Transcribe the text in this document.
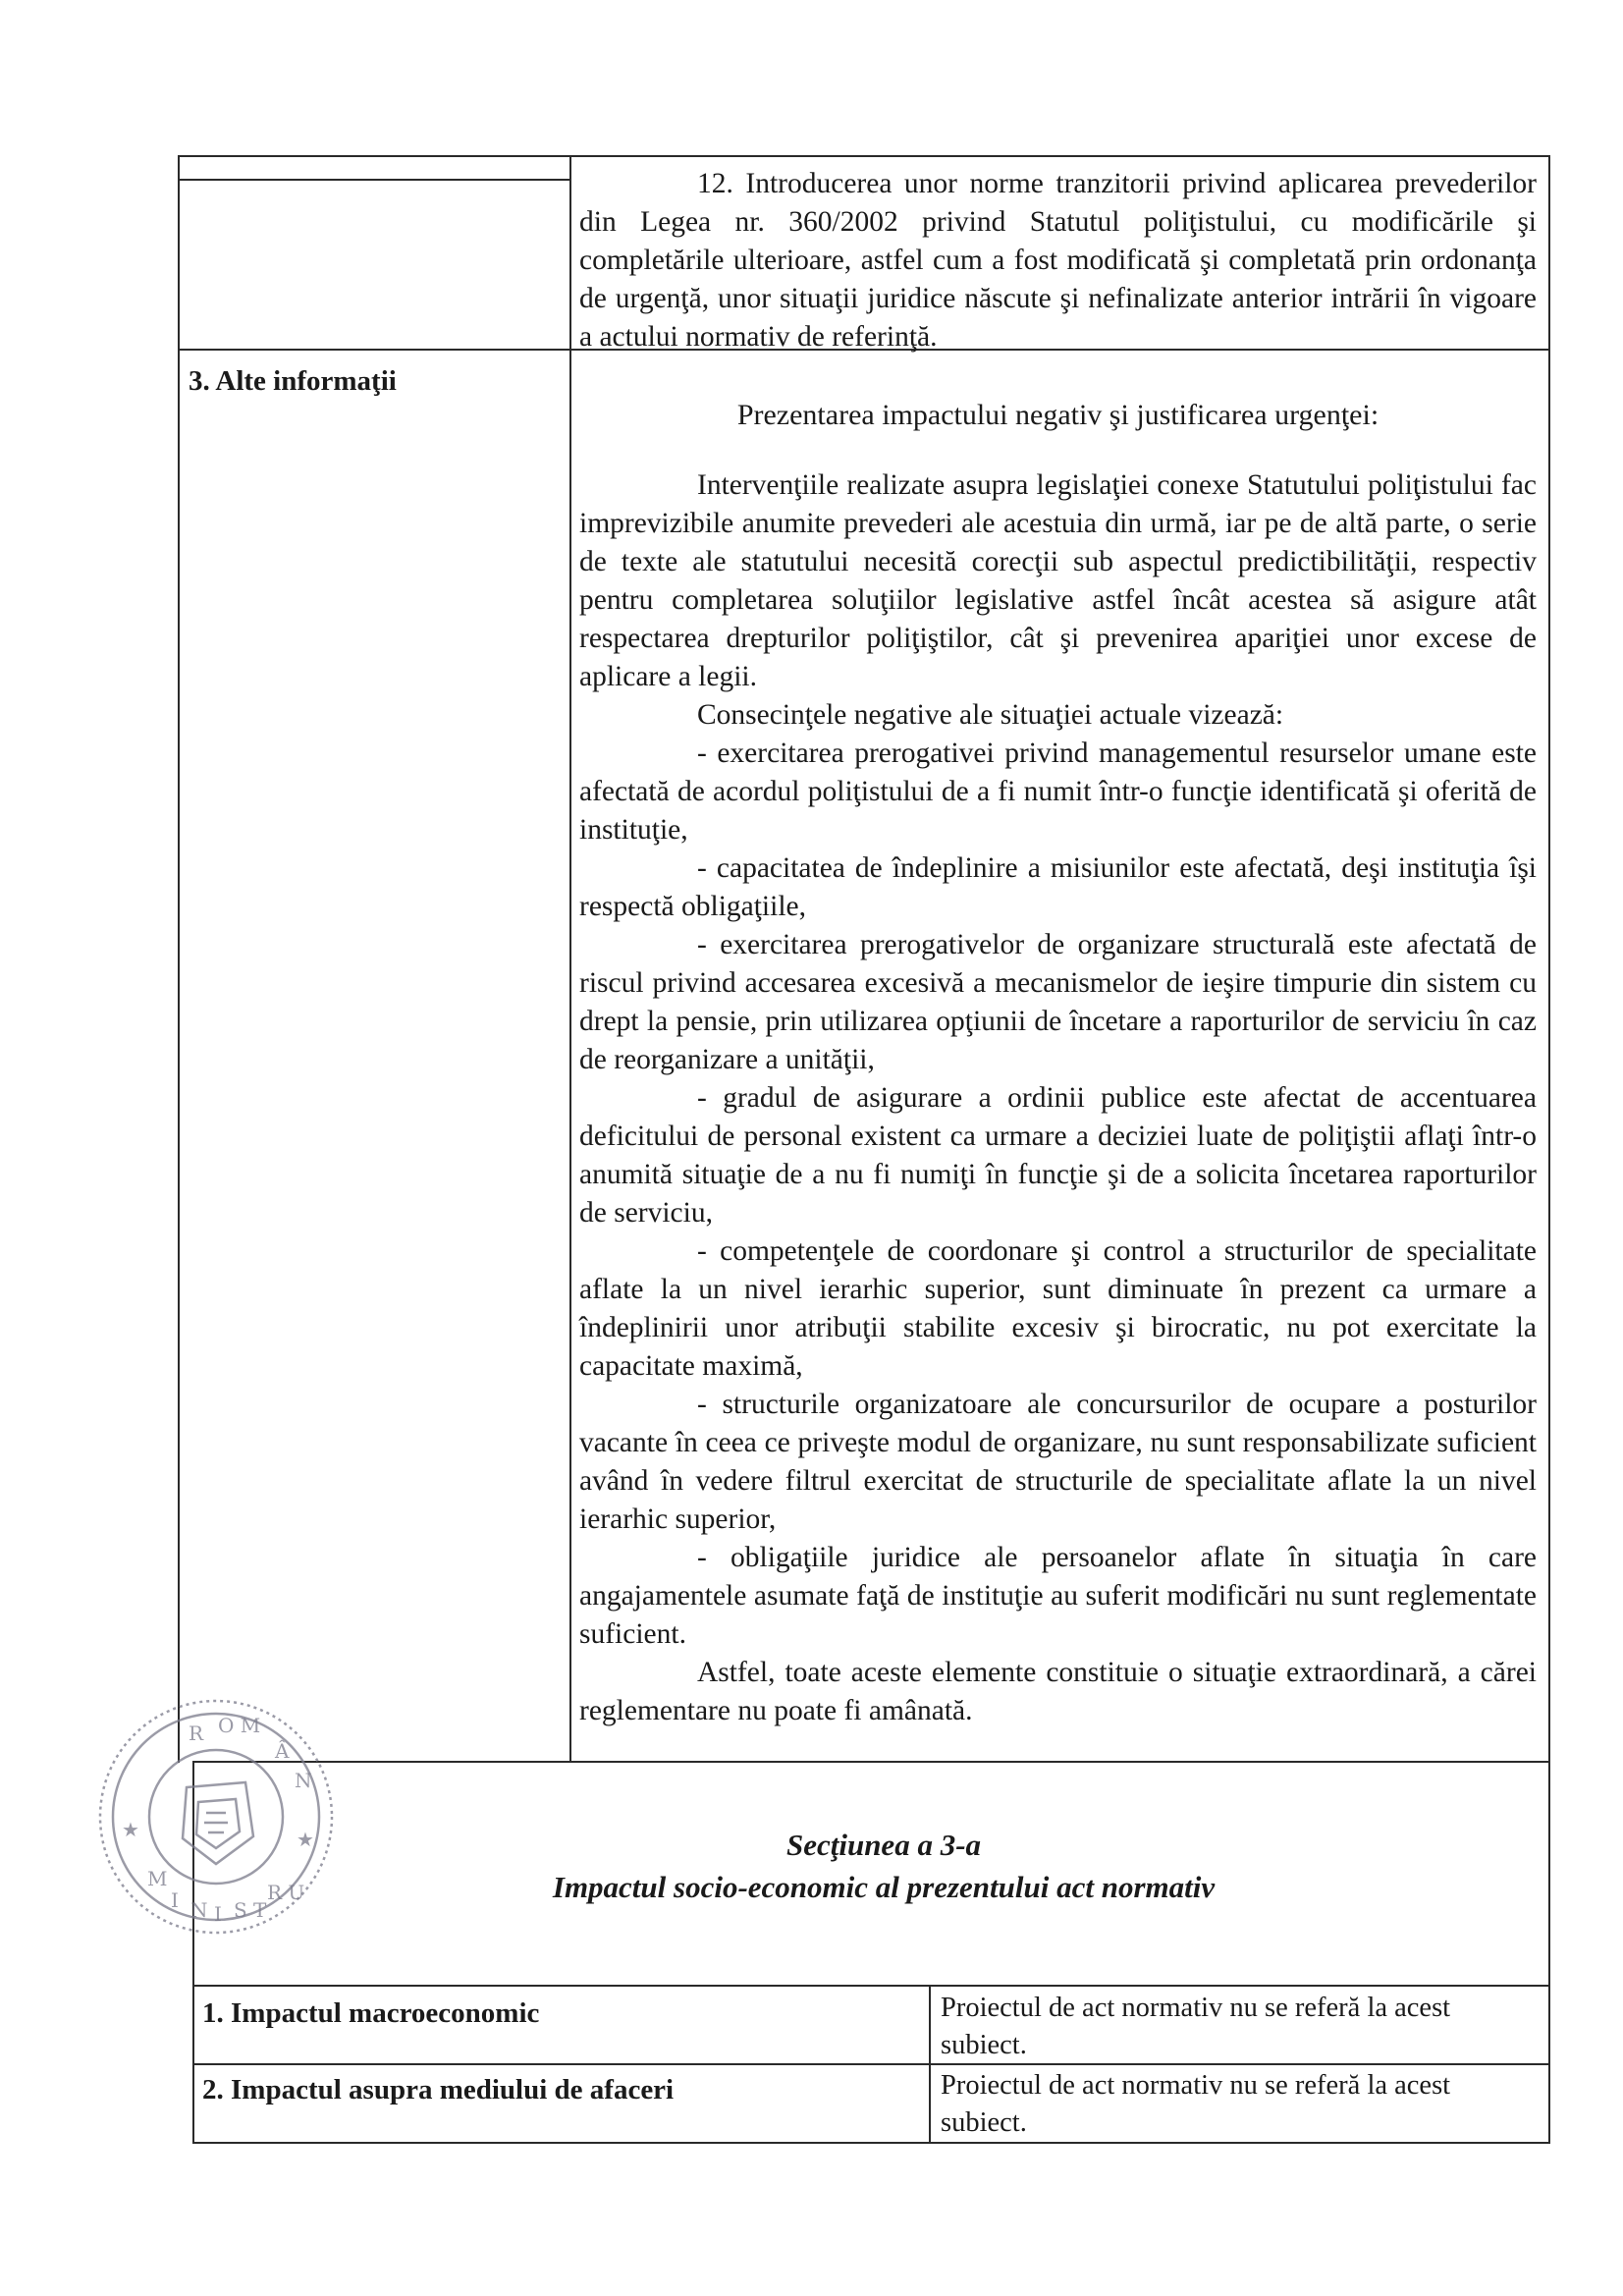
12. Introducerea unor norme tranzitorii privind aplicarea prevederilor din Legea nr. 360/2002 privind Statutul poliţistului, cu modificările şi completările ulterioare, astfel cum a fost modificată şi completată prin ordonanţa de urgenţă, unor situaţii juridice născute şi nefinalizate anterior intrării în vigoare a actului normativ de referinţă.
3. Alte informaţii
Prezentarea impactului negativ şi justificarea urgenţei:

Intervenţiile realizate asupra legislaţiei conexe Statutului poliţistului fac imprevizibile anumite prevederi ale acestuia din urmă, iar pe de altă parte, o serie de texte ale statutului necesită corecţii sub aspectul predictibilităţii, respectiv pentru completarea soluţiilor legislative astfel încât acestea să asigure atât respectarea drepturilor poliţiştilor, cât şi prevenirea apariţiei unor excese de aplicare a legii.

Consecinţele negative ale situaţiei actuale vizează:

- exercitarea prerogativei privind managementul resurselor umane este afectată de acordul poliţistului de a fi numit într-o funcţie identificată şi oferită de instituţie,

- capacitatea de îndeplinire a misiunilor este afectată, deşi instituţia îşi respectă obligaţiile,

- exercitarea prerogativelor de organizare structurală este afectată de riscul privind accesarea excesivă a mecanismelor de ieşire timpurie din sistem cu drept la pensie, prin utilizarea opţiunii de încetare a raporturilor de serviciu în caz de reorganizare a unităţii,

- gradul de asigurare a ordinii publice este afectat de accentuarea deficitului de personal existent ca urmare a deciziei luate de poliţiştii aflaţi într-o anumită situaţie de a nu fi numiţi în funcţie şi de a solicita încetarea raporturilor de serviciu,

- competenţele de coordonare şi control a structurilor de specialitate aflate la un nivel ierarhic superior, sunt diminuate în prezent ca urmare a îndeplinirii unor atribuţii stabilite excesiv şi birocratic, nu pot exercitate la capacitate maximă,

- structurile organizatoare ale concursurilor de ocupare a posturilor vacante în ceea ce priveşte modul de organizare, nu sunt responsabilizate suficient având în vedere filtrul exercitat de structurile de specialitate aflate la un nivel ierarhic superior,

- obligaţiile juridice ale persoanelor aflate în situaţia în care angajamentele asumate faţă de instituţie au suferit modificări nu sunt reglementate suficient.

Astfel, toate aceste elemente constituie o situaţie extraordinară, a cărei reglementare nu poate fi amânată.

Secţiunea a 3-a
Impactul socio-economic al prezentului act normativ
1. Impactul macroeconomic	Proiectul de act normativ nu se referă la acest subiect.
2. Impactul asupra mediului de afaceri	Proiectul de act normativ nu se referă la acest subiect.
R O M
Â
N
★	★
M
I N I S T
R U
